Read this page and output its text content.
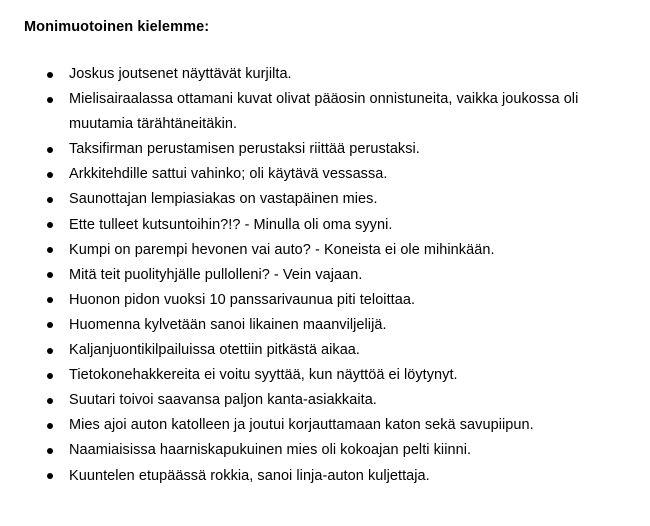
Monimuotoinen kielemme:
Joskus joutsenet näyttävät kurjilta.
Mielisairaalassa ottamani kuvat olivat pääosin onnistuneita, vaikka joukossa oli muutamia tärähtäneitäkin.
Taksifirman perustamisen perustaksi riittää perustaksi.
Arkkitehdille sattui vahinko; oli käytävä vessassa.
Saunottajan lempiasiakas on vastapäinen mies.
Ette tulleet kutsuntoihin?!? - Minulla oli oma syyni.
Kumpi on parempi hevonen vai auto? - Koneista ei ole mihinkään.
Mitä teit puolityhjälle pullolleni? - Vein vajaan.
Huonon pidon vuoksi 10 panssarivaunua piti teloittaa.
Huomenna kylvetään sanoi likainen maanviljelijä.
Kaljanjuontikilpailuissa otettiin pitkästä aikaa.
Tietokonehakkereita ei voitu syyttää, kun näyttöä ei löytynyt.
Suutari toivoi saavansa paljon kanta-asiakkaita.
Mies ajoi auton katolleen ja joutui korjauttamaan katon sekä savupiipun.
Naamiaisissa haarniskapukuinen mies oli kokoajan pelti kiinni.
Kuuntelen etupäässä rokkia, sanoi linja-auton kuljettaja.
